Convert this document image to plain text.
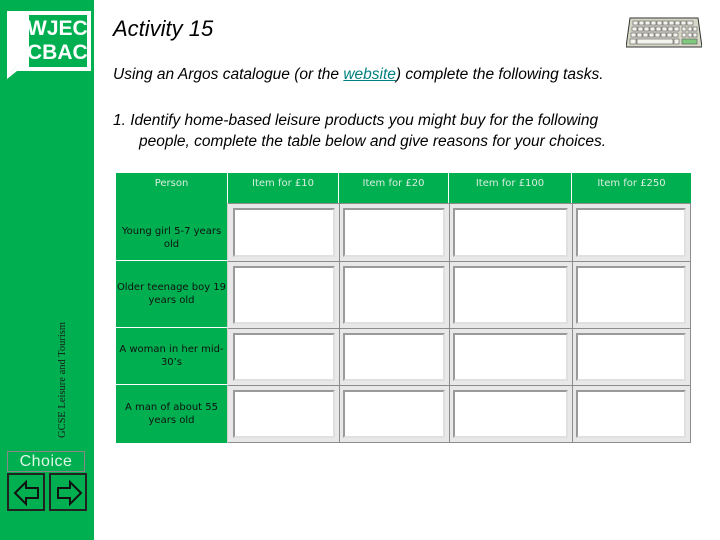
WJEC
CBAC
GCSE Leisure and Tourism
Choice
Activity 15
Using an Argos catalogue (or the website) complete the following tasks.
1. Identify home-based leisure products you might buy for the following
people, complete the table below and give reasons for your choices.
Person	Item for £10	Item for £20	Item for £100	Item for £250
Young girl 5-7 years old
Older teenage boy 19 years old
A woman in her mid-30’s
A man of about 55 years old
